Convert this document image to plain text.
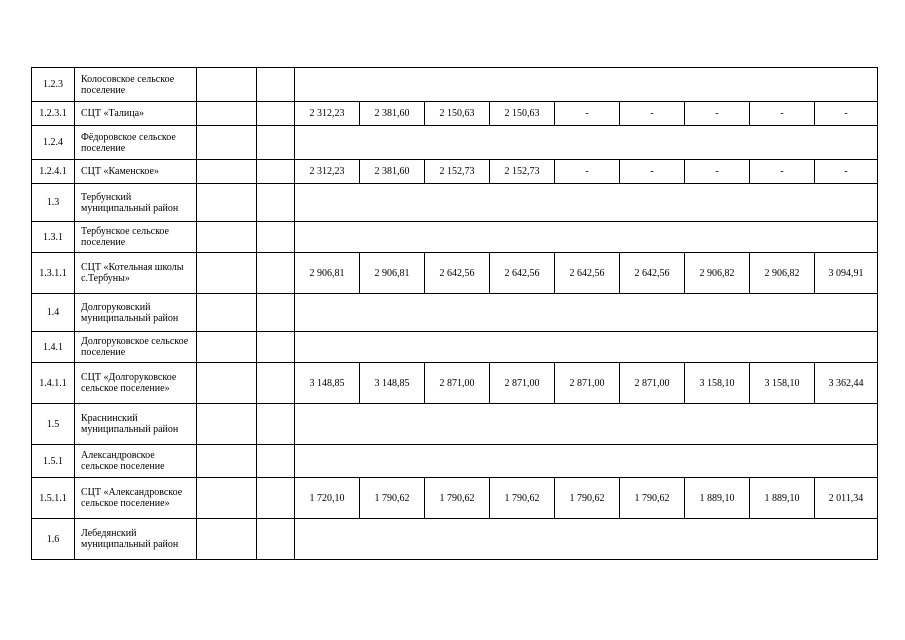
1.2.3	Колосовское сельское поселение											
1.2.3.1	СЦТ «Талица»			2 312,23	2 381,60	2 150,63	2 150,63	-	-	-	-	-
1.2.4	Фёдоровское сельское поселение											
1.2.4.1	СЦТ «Каменское»			2 312,23	2 381,60	2 152,73	2 152,73	-	-	-	-	-
1.3	Тербунский муниципальный район											
1.3.1	Тербунское сельское поселение											
1.3.1.1	СЦТ «Котельная школы с.Тербуны»			2 906,81	2 906,81	2 642,56	2 642,56	2 642,56	2 642,56	2 906,82	2 906,82	3 094,91
1.4	Долгоруковский муниципальный район											
1.4.1	Долгоруковское сельское поселение											
1.4.1.1	СЦТ «Долгоруковское сельское поселение»			3 148,85	3 148,85	2 871,00	2 871,00	2 871,00	2 871,00	3 158,10	3 158,10	3 362,44
1.5	Краснинский муниципальный район											
1.5.1	Александровское сельское поселение											
1.5.1.1	СЦТ «Александровское сельское поселение»			1 720,10	1 790,62	1 790,62	1 790,62	1 790,62	1 790,62	1 889,10	1 889,10	2 011,34
1.6	Лебедянский муниципальный район											
